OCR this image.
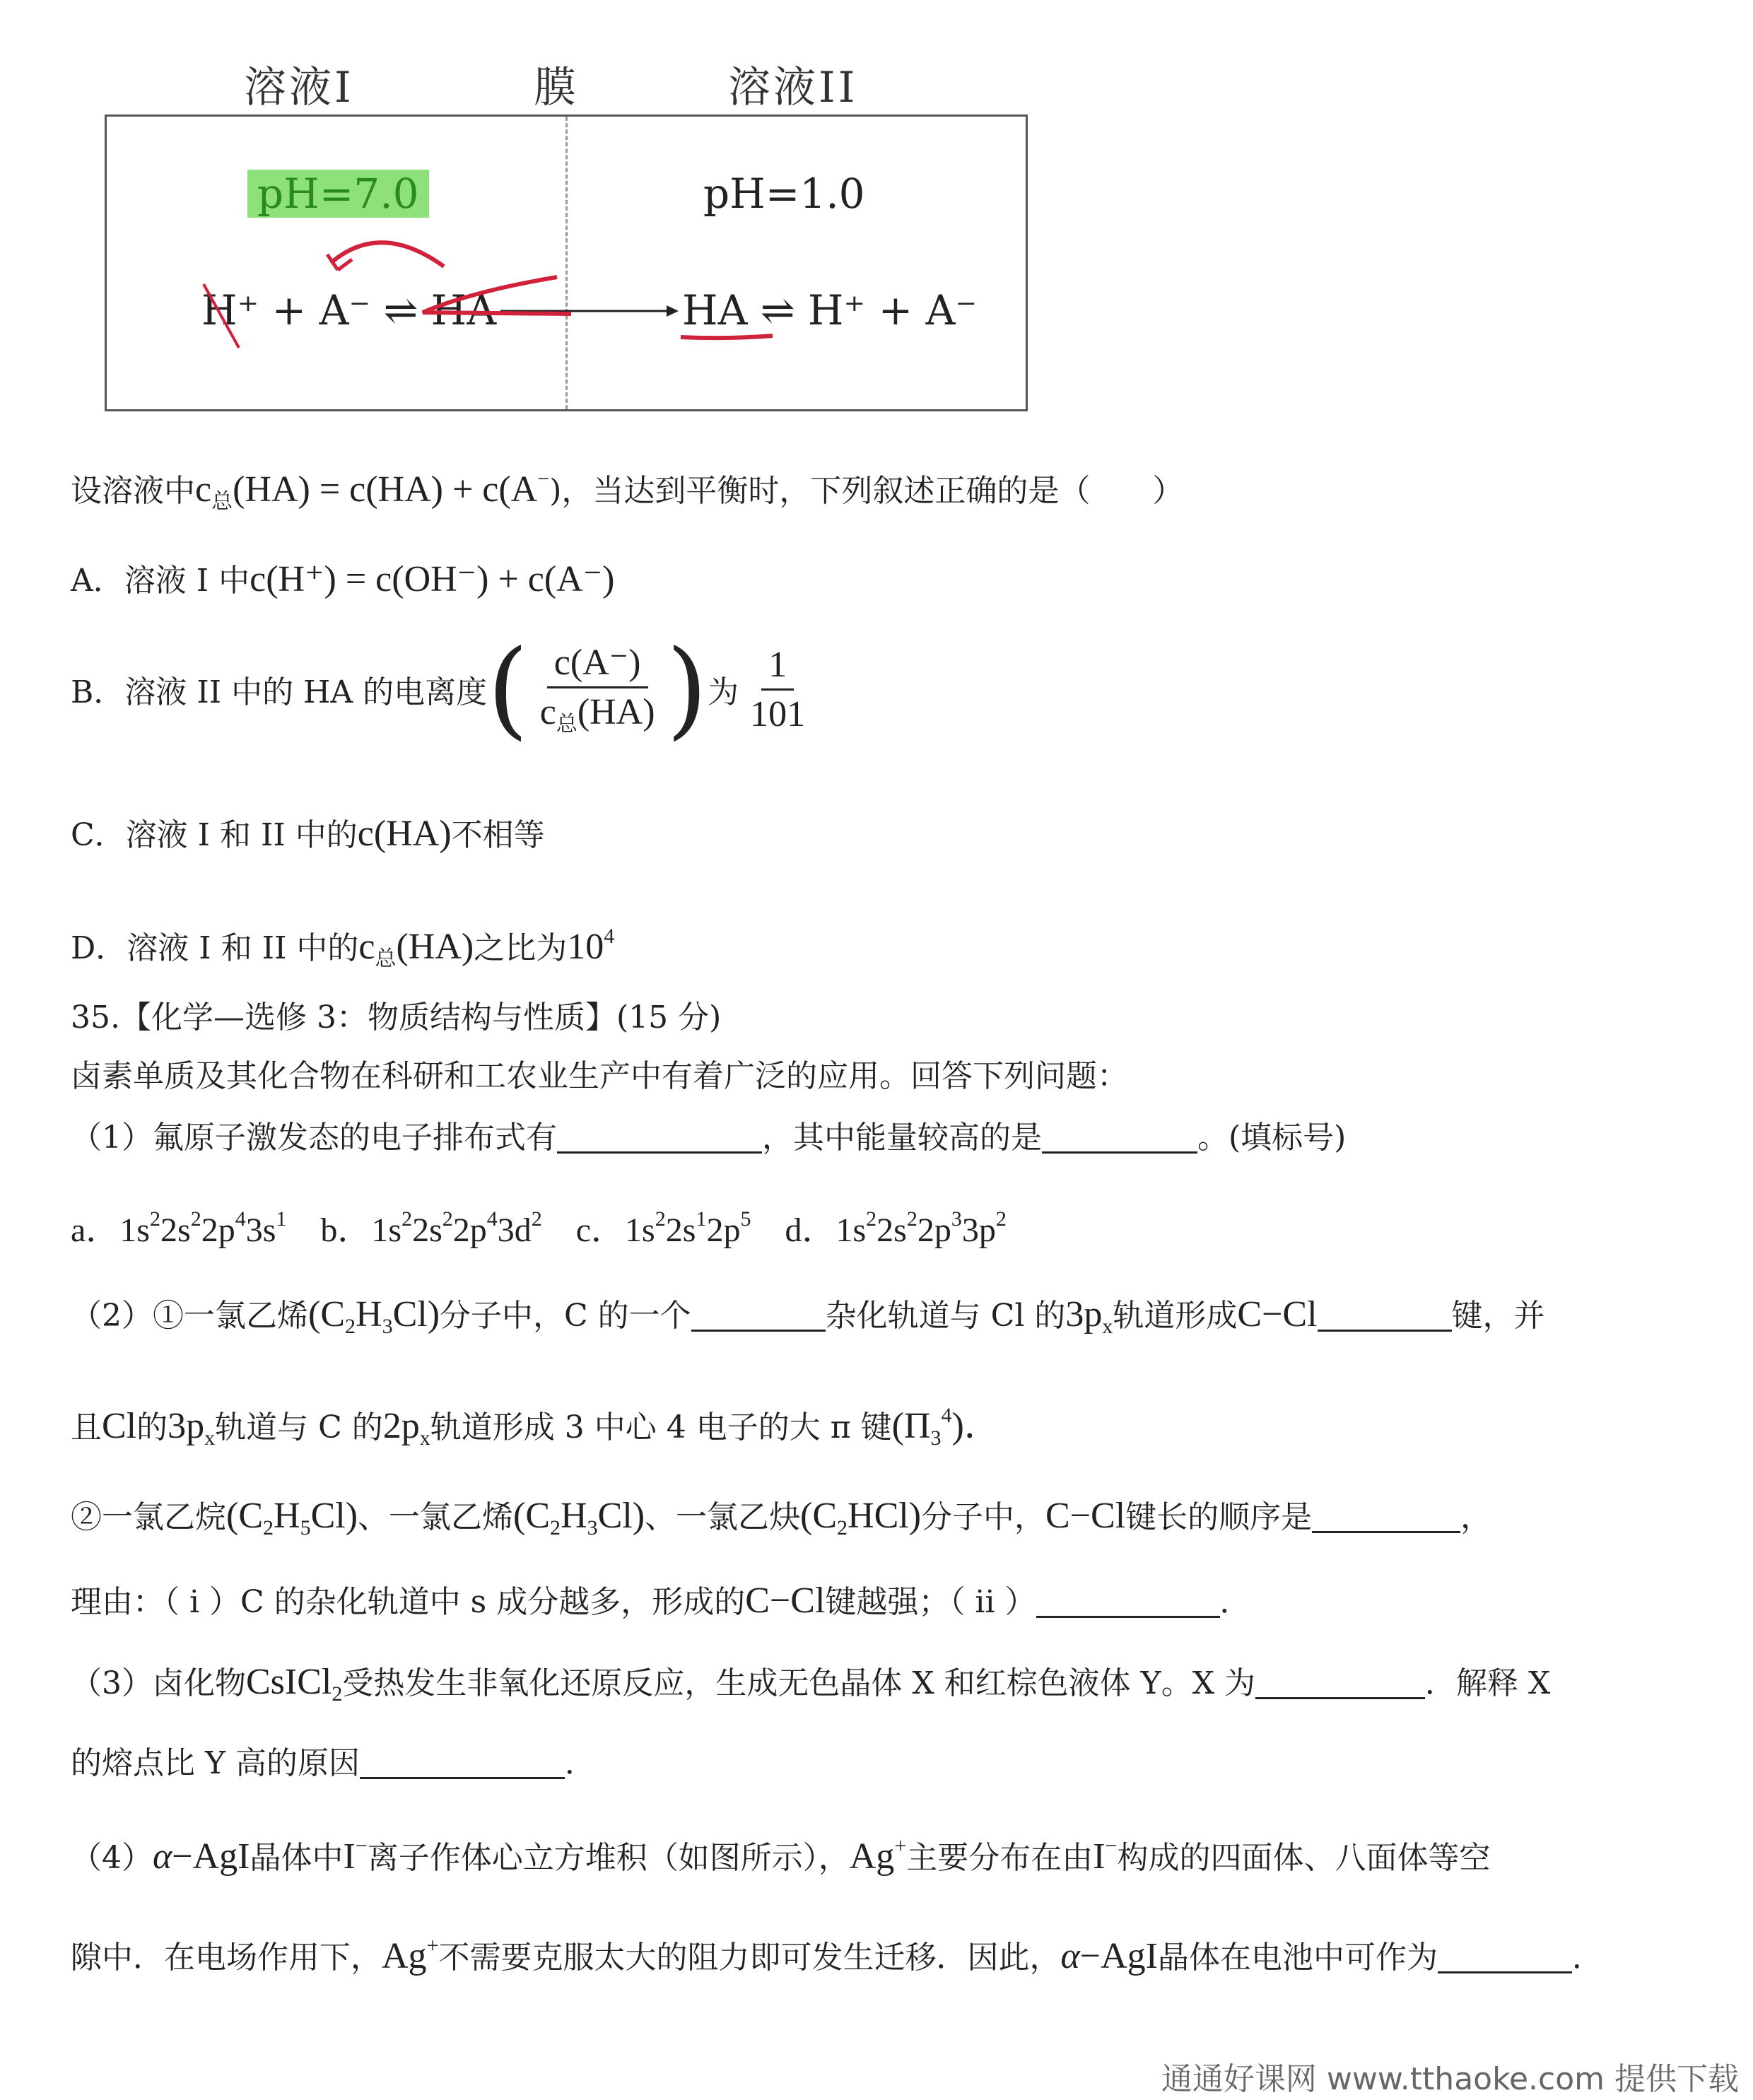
溶液I	膜	溶液II
pH=7.0	pH=1.0
H⁺ + A⁻ ⇌ HA	HA ⇌ H⁺ + A⁻
设溶液中$c_总(HA) = c(HA) + c(A^-)$，当达到平衡时，下列叙述正确的是（　　）
A．溶液 I 中c(H⁺) = c(OH⁻) + c(A⁻)
B．溶液 II 中的 HA 的电离度 ( $\frac{c(A^-)}{c_总(HA)}$ ) 为 $\frac{1}{101}$
C．溶液 I 和 II 中的c(HA)不相等
D．溶液 I 和 II 中的$c_总(HA)$之比为$10^4$
35.【化学—选修 3：物质结构与性质】(15 分)
卤素单质及其化合物在科研和工农业生产中有着广泛的应用。回答下列问题：
（1）氟原子激发态的电子排布式有	，其中能量较高的是	。(填标号)
a．$1s^22s^22p^43s^1$    b．$1s^22s^22p^43d^2$    c．$1s^22s^12p^5$    d．$1s^22s^22p^33p^2$
（2）①一氯乙烯$(C_2H_3Cl)$分子中，C 的一个	杂化轨道与 Cl 的$3p_x$轨道形成C−Cl	键，并
且Cl的$3p_x$轨道与 C 的$2p_x$轨道形成 3 中心 4 电子的大 π 键$(\Pi_3^4)$．
②一氯乙烷$(C_2H_5Cl)$、一氯乙烯$(C_2H_3Cl)$、一氯乙炔$(C_2HCl)$分子中，C−Cl键长的顺序是	，
理由：（ i ）C 的杂化轨道中 s 成分越多，形成的C−Cl键越强；（ ii ）	．
（3）卤化物CsICl$_2$受热发生非氧化还原反应，生成无色晶体 X 和红棕色液体 Y。X 为	．解释 X
的熔点比 Y 高的原因	．
（4）α−AgI晶体中I−离子作体心立方堆积（如图所示），Ag+主要分布在由I−构成的四面体、八面体等空
隙中．在电场作用下，Ag+不需要克服太大的阻力即可发生迁移．因此，α−AgI晶体在电池中可作为	．
通通好课网 www.tthaoke.com 提供下载
